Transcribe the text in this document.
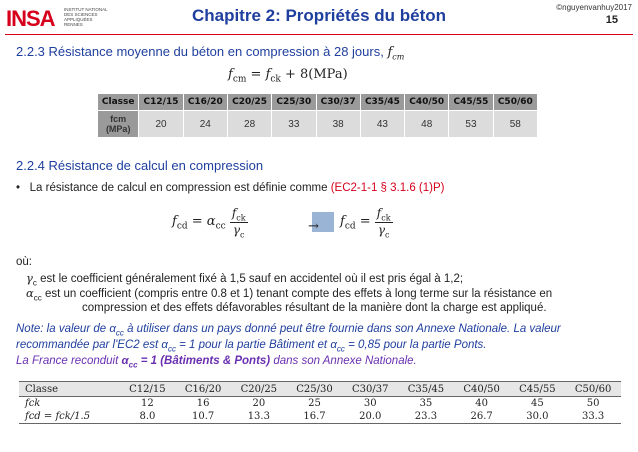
INSA INSTITUT NATIONAL
DES SCIENCES
APPLIQUÉES
RENNES	Chapitre 2: Propriétés du béton	©nguyenvanhuy2017
15
2.2.3 Résistance moyenne du béton en compression à 28 jours, $f_{cm}$
$f_{cm} = f_{ck} + 8(MPa)$
Classe	C12/15	C16/20	C20/25	C25/30	C30/37	C35/45	C40/50	C45/55	C50/60
fcm
(MPa)	20	24	28	33	38	43	48	53	58
2.2.4 Résistance de calcul en compression
• La résistance de calcul en compression est définie comme (EC2-1-1 § 3.1.6 (1)P)
$f_{cd} = \alpha_{cc} \frac{f_{ck}}{\gamma_c}$	→ $f_{cd} = \frac{f_{ck}}{\gamma_c}$
où:
$\gamma_c$ est le coefficient généralement fixé à 1,5 sauf en accidentel où il est pris égal à 1,2;
$\alpha_{cc}$ est un coefficient (compris entre 0.8 et 1) tenant compte des effets à long terme sur la résistance en
compression et des effets défavorables résultant de la manière dont la charge est appliqué.
Note: la valeur de $\alpha_{cc}$ à utiliser dans un pays donné peut être fournie dans son Annexe Nationale. La valeur
recommandée par l'EC2 est $\alpha_{cc} = 1$ pour la partie Bâtiment et $\alpha_{cc} = 0,85$ pour la partie Ponts.
La France reconduit $\alpha_{cc} = 1$ (Bâtiments & Ponts) dans son Annexe Nationale.
Classe	C12/15	C16/20	C20/25	C25/30	C30/37	C35/45	C40/50	C45/55	C50/60
fck	12	16	20	25	30	35	40	45	50
fcd = fck/1.5	8.0	10.7	13.3	16.7	20.0	23.3	26.7	30.0	33.3
